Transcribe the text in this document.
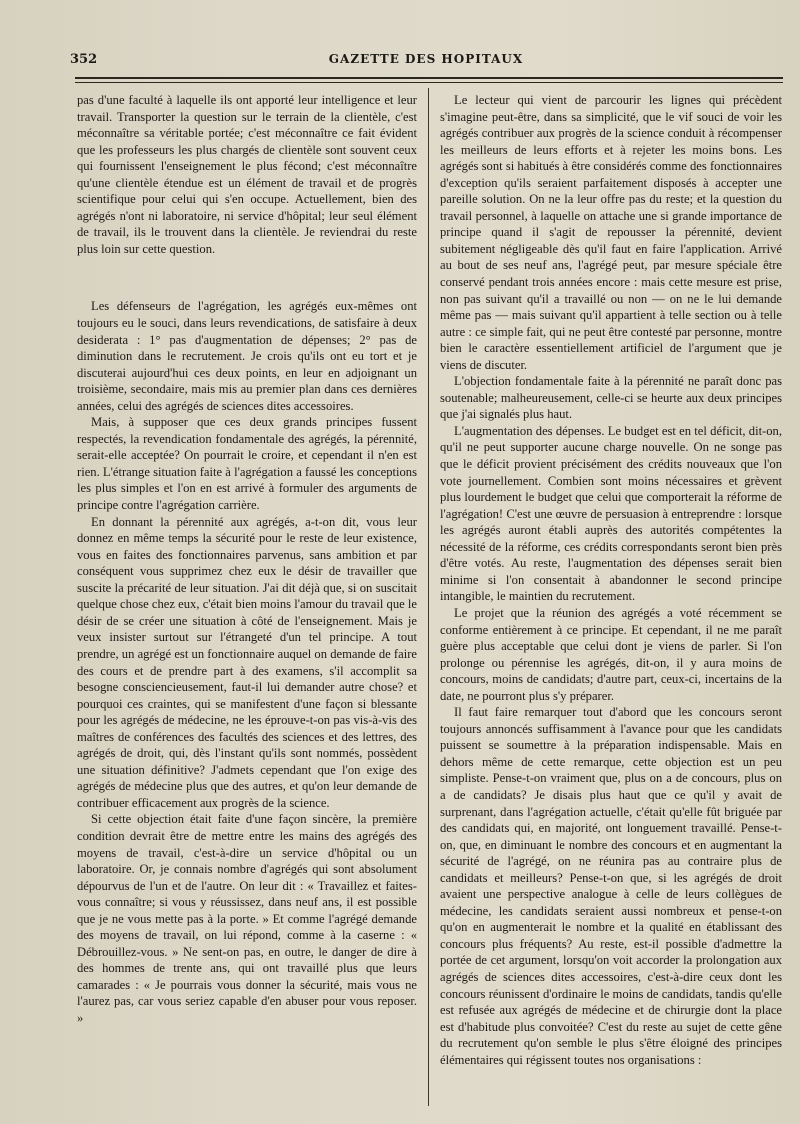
352	GAZETTE DES HOPITAUX

pas d'une faculté à laquelle ils ont apporté leur intelligence et leur travail. Transporter la question sur le terrain de la clientèle, c'est méconnaître sa véritable portée; c'est méconnaître ce fait évident que les professeurs les plus chargés de clientèle sont souvent ceux qui fournissent l'enseignement le plus fécond; c'est méconnaître qu'une clientèle étendue est un élément de travail et de progrès scientifique pour celui qui s'en occupe. Actuellement, bien des agrégés n'ont ni laboratoire, ni service d'hôpital; leur seul élément de travail, ils le trouvent dans la clientèle. Je reviendrai du reste plus loin sur cette question.

Les défenseurs de l'agrégation, les agrégés eux-mêmes ont toujours eu le souci, dans leurs revendications, de satisfaire à deux desiderata : 1° pas d'augmentation de dépenses; 2° pas de diminution dans le recrutement. Je crois qu'ils ont eu tort et je discuterai aujourd'hui ces deux points, en leur en adjoignant un troisième, secondaire, mais mis au premier plan dans ces dernières années, celui des agrégés de sciences dites accessoires.

Mais, à supposer que ces deux grands principes fussent respectés, la revendication fondamentale des agrégés, la pérennité, serait-elle acceptée? On pourrait le croire, et cependant il n'en est rien. L'étrange situation faite à l'agrégation a faussé les conceptions les plus simples et l'on en est arrivé à formuler des arguments de principe contre l'agrégation carrière.

En donnant la pérennité aux agrégés, a-t-on dit, vous leur donnez en même temps la sécurité pour le reste de leur existence, vous en faites des fonctionnaires parvenus, sans ambition et par conséquent vous supprimez chez eux le désir de travailler que suscite la précarité de leur situation. J'ai dit déjà que, si on suscitait quelque chose chez eux, c'était bien moins l'amour du travail que le désir de se créer une situation à côté de l'enseignement. Mais je veux insister surtout sur l'étrangeté d'un tel principe. A tout prendre, un agrégé est un fonctionnaire auquel on demande de faire des cours et de prendre part à des examens, s'il accomplit sa besogne consciencieusement, faut-il lui demander autre chose? et pourquoi ces craintes, qui se manifestent d'une façon si blessante pour les agrégés de médecine, ne les éprouve-t-on pas vis-à-vis des maîtres de conférences des facultés des sciences et des lettres, des agrégés de droit, qui, dès l'instant qu'ils sont nommés, possèdent une situation définitive? J'admets cependant que l'on exige des agrégés de médecine plus que des autres, et qu'on leur demande de contribuer efficacement aux progrès de la science.

Si cette objection était faite d'une façon sincère, la première condition devrait être de mettre entre les mains des agrégés des moyens de travail, c'est-à-dire un service d'hôpital ou un laboratoire. Or, je connais nombre d'agrégés qui sont absolument dépourvus de l'un et de l'autre. On leur dit : « Travaillez et faites-vous connaître; si vous y réussissez, dans neuf ans, il est possible que je ne vous mette pas à la porte. » Et comme l'agrégé demande des moyens de travail, on lui répond, comme à la caserne : « Débrouillez-vous. » Ne sent-on pas, en outre, le danger de dire à des hommes de trente ans, qui ont travaillé plus que leurs camarades : « Je pourrais vous donner la sécurité, mais vous ne l'aurez pas, car vous seriez capable d'en abuser pour vous reposer. »

Le lecteur qui vient de parcourir les lignes qui précèdent s'imagine peut-être, dans sa simplicité, que le vif souci de voir les agrégés contribuer aux progrès de la science conduit à récompenser les meilleurs de leurs efforts et à rejeter les moins bons. Les agrégés sont si habitués à être considérés comme des fonctionnaires d'exception qu'ils seraient parfaitement disposés à accepter une pareille solution. On ne la leur offre pas du reste; et la question du travail personnel, à laquelle on attache une si grande importance de principe quand il s'agit de repousser la pérennité, devient subitement négligeable dès qu'il faut en faire l'application. Arrivé au bout de ses neuf ans, l'agrégé peut, par mesure spéciale être conservé pendant trois années encore : mais cette mesure est prise, non pas suivant qu'il a travaillé ou non — on ne le lui demande même pas — mais suivant qu'il appartient à telle section ou à telle autre : ce simple fait, qui ne peut être contesté par personne, montre bien le caractère essentiellement artificiel de l'argument que je viens de discuter.

L'objection fondamentale faite à la pérennité ne paraît donc pas soutenable; malheureusement, celle-ci se heurte aux deux principes que j'ai signalés plus haut.

L'augmentation des dépenses. Le budget est en tel déficit, dit-on, qu'il ne peut supporter aucune charge nouvelle. On ne songe pas que le déficit provient précisément des crédits nouveaux que l'on vote journellement. Combien sont moins nécessaires et grèvent plus lourdement le budget que celui que comporterait la réforme de l'agrégation! C'est une œuvre de persuasion à entreprendre : lorsque les agrégés auront établi auprès des autorités compétentes la nécessité de la réforme, ces crédits correspondants seront bien près d'être votés. Au reste, l'augmentation des dépenses serait bien minime si l'on consentait à abandonner le second principe intangible, le maintien du recrutement.

Le projet que la réunion des agrégés a voté récemment se conforme entièrement à ce principe. Et cependant, il ne me paraît guère plus acceptable que celui dont je viens de parler. Si l'on prolonge ou pérennise les agrégés, dit-on, il y aura moins de concours, moins de candidats; d'autre part, ceux-ci, incertains de la date, ne pourront plus s'y préparer.

Il faut faire remarquer tout d'abord que les concours seront toujours annoncés suffisamment à l'avance pour que les candidats puissent se soumettre à la préparation indispensable. Mais en dehors même de cette remarque, cette objection est un peu simpliste. Pense-t-on vraiment que, plus on a de concours, plus on a de candidats? Je disais plus haut que ce qu'il y avait de surprenant, dans l'agrégation actuelle, c'était qu'elle fût briguée par des candidats qui, en majorité, ont longuement travaillé. Pense-t-on, que, en diminuant le nombre des concours et en augmentant la sécurité de l'agrégé, on ne réunira pas au contraire plus de candidats et meilleurs? Pense-t-on que, si les agrégés de droit avaient une perspective analogue à celle de leurs collègues de médecine, les candidats seraient aussi nombreux et pense-t-on qu'on en augmenterait le nombre et la qualité en établissant des concours plus fréquents? Au reste, est-il possible d'admettre la portée de cet argument, lorsqu'on voit accorder la prolongation aux agrégés de sciences dites accessoires, c'est-à-dire ceux dont les concours réunissent d'ordinaire le moins de candidats, tandis qu'elle est refusée aux agrégés de médecine et de chirurgie dont la place est d'habitude plus convoitée? C'est du reste au sujet de cette gêne du recrutement qu'on semble le plus s'être éloigné des principes élémentaires qui régissent toutes nos organisations :
